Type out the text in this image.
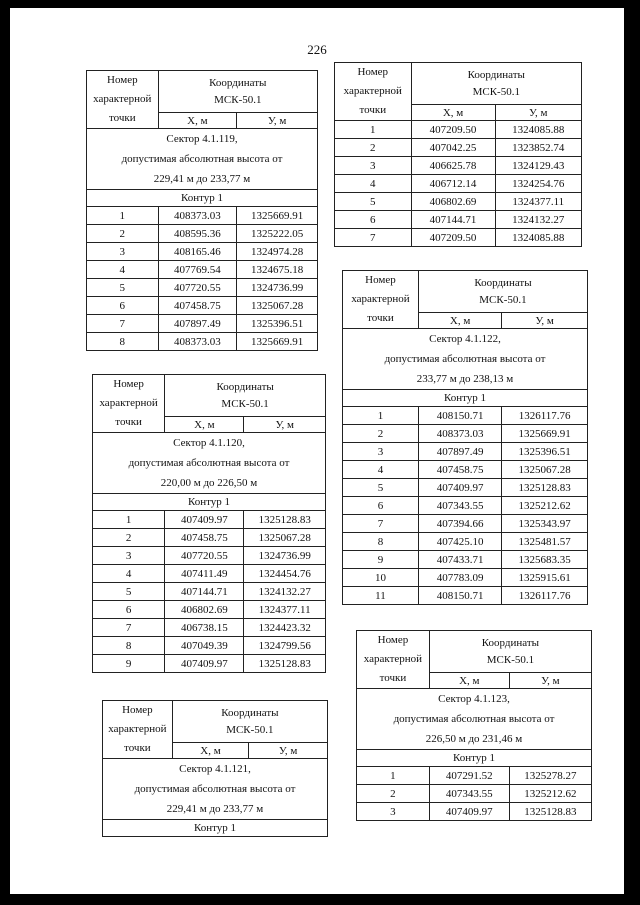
226
Номер
характерной
точки	Координаты
МСК-50.1	
	X, м	У, м
Сектор 4.1.119,
допустимая абсолютная высота от
229,41 м до 233,77 м		
Контур 1		
1	408373.03	1325669.91
2	408595.36	1325222.05
3	408165.46	1324974.28
4	407769.54	1324675.18
5	407720.55	1324736.99
6	407458.75	1325067.28
7	407897.49	1325396.51
8	408373.03	1325669.91
Номер
характерной
точки	Координаты
МСК-50.1	
	X, м	У, м
Сектор 4.1.120,
допустимая абсолютная высота от
220,00 м до 226,50 м		
Контур 1		
1	407409.97	1325128.83
2	407458.75	1325067.28
3	407720.55	1324736.99
4	407411.49	1324454.76
5	407144.71	1324132.27
6	406802.69	1324377.11
7	406738.15	1324423.32
8	407049.39	1324799.56
9	407409.97	1325128.83
Номер
характерной
точки	Координаты
МСК-50.1	
	X, м	У, м
Сектор 4.1.121,
допустимая абсолютная высота от
229,41 м до 233,77 м		
Контур 1		
Номер
характерной
точки	Координаты
МСК-50.1	
	X, м	У, м
1	407209.50	1324085.88
2	407042.25	1323852.74
3	406625.78	1324129.43
4	406712.14	1324254.76
5	406802.69	1324377.11
6	407144.71	1324132.27
7	407209.50	1324085.88
Номер
характерной
точки	Координаты
МСК-50.1	
	X, м	У, м
Сектор 4.1.122,
допустимая абсолютная высота от
233,77 м до 238,13 м		
Контур 1		
1	408150.71	1326117.76
2	408373.03	1325669.91
3	407897.49	1325396.51
4	407458.75	1325067.28
5	407409.97	1325128.83
6	407343.55	1325212.62
7	407394.66	1325343.97
8	407425.10	1325481.57
9	407433.71	1325683.35
10	407783.09	1325915.61
11	408150.71	1326117.76
Номер
характерной
точки	Координаты
МСК-50.1	
	X, м	У, м
Сектор 4.1.123,
допустимая абсолютная высота от
226,50 м до 231,46 м		
Контур 1		
1	407291.52	1325278.27
2	407343.55	1325212.62
3	407409.97	1325128.83
